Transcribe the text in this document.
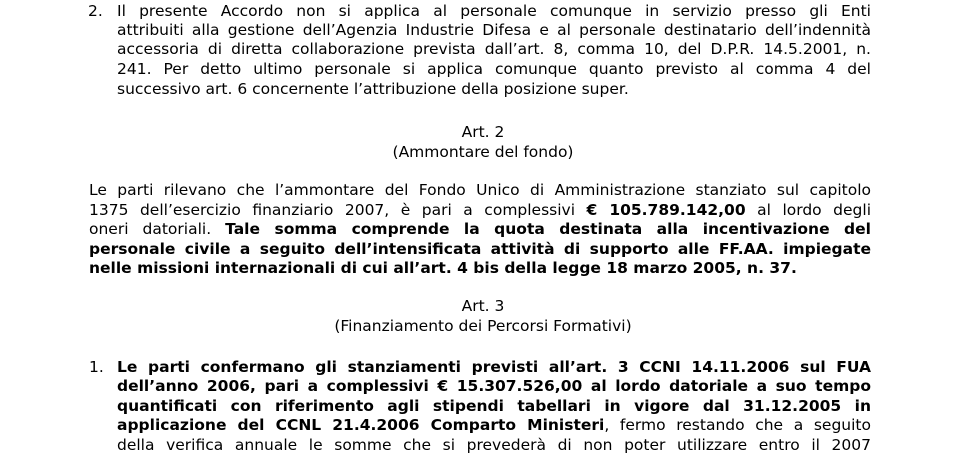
2. Il presente Accordo non si applica al personale comunque in servizio presso gli Enti
attribuiti alla gestione dell’Agenzia Industrie Difesa e al personale destinatario dell’indennità
accessoria di diretta collaborazione prevista dall’art. 8, comma 10, del D.P.R. 14.5.2001, n.
241. Per detto ultimo personale si applica comunque quanto previsto al comma 4 del
successivo art. 6 concernente l’attribuzione della posizione super.
Art. 2
(Ammontare del fondo)
Le parti rilevano che l’ammontare del Fondo Unico di Amministrazione stanziato sul capitolo
1375 dell’esercizio finanziario 2007, è pari a complessivi € 105.789.142,00 al lordo degli
oneri datoriali. Tale somma comprende la quota destinata alla incentivazione del
personale civile a seguito dell’intensificata attività di supporto alle FF.AA. impiegate
nelle missioni internazionali di cui all’art. 4 bis della legge 18 marzo 2005, n. 37.
Art. 3
(Finanziamento dei Percorsi Formativi)
1. Le parti confermano gli stanziamenti previsti all’art. 3 CCNI 14.11.2006 sul FUA
dell’anno 2006, pari a complessivi € 15.307.526,00 al lordo datoriale a suo tempo
quantificati con riferimento agli stipendi tabellari in vigore dal 31.12.2005 in
applicazione del CCNL 21.4.2006 Comparto Ministeri, fermo restando che a seguito
della verifica annuale le somme che si prevederà di non poter utilizzare entro il 2007
